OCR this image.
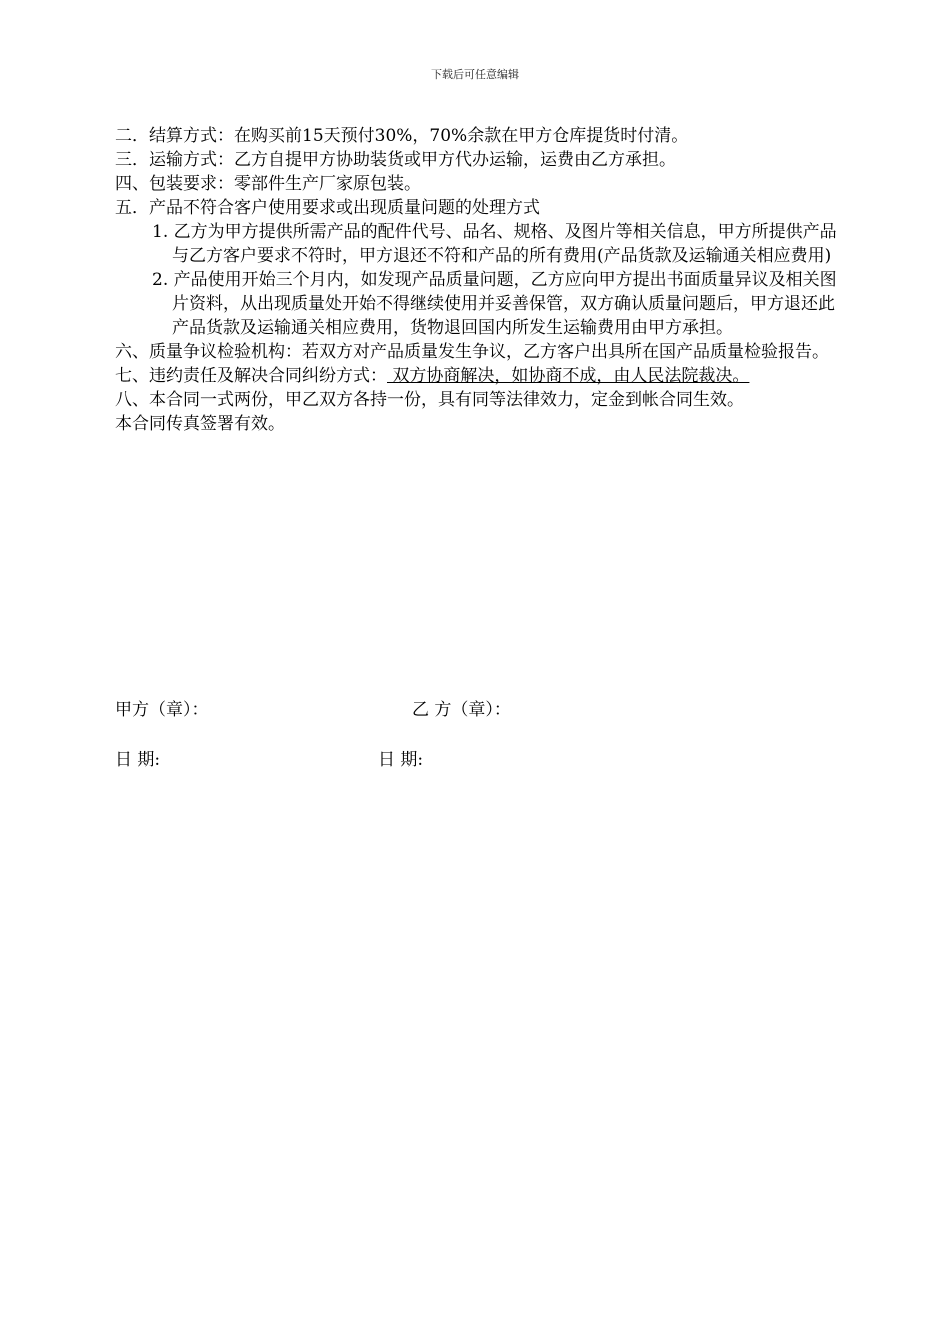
下载后可任意编辑

二．结算方式：在购买前15天预付30%，70%余款在甲方仓库提货时付清。

三．运输方式：乙方自提甲方协助装货或甲方代办运输，运费由乙方承担。

四、包装要求：零部件生产厂家原包装。

五．产品不符合客户使用要求或出现质量问题的处理方式

1. 乙方为甲方提供所需产品的配件代号、品名、规格、及图片等相关信息，甲方所提供产品与乙方客户要求不符时，甲方退还不符和产品的所有费用(产品货款及运输通关相应费用)

2. 产品使用开始三个月内，如发现产品质量问题，乙方应向甲方提出书面质量异议及相关图片资料，从出现质量处开始不得继续使用并妥善保管，双方确认质量问题后，甲方退还此产品货款及运输通关相应费用，货物退回国内所发生运输费用由甲方承担。

六、质量争议检验机构：若双方对产品质量发生争议，乙方客户出具所在国产品质量检验报告。

七、违约责任及解决合同纠纷方式： 双方协商解决，如协商不成，由人民法院裁决。

八、本合同一式两份，甲乙双方各持一份，具有同等法律效力，定金到帐合同生效。

本合同传真签署有效。

甲方（章）：	乙 方（章）：
日 期:	日 期:
